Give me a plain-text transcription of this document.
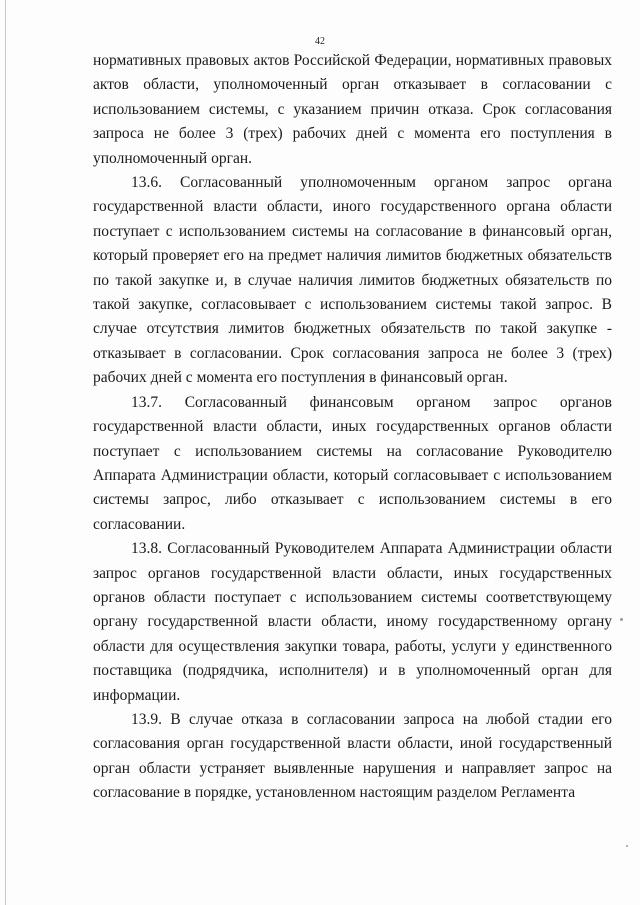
42

нормативных правовых актов Российской Федерации, нормативных правовых актов области, уполномоченный орган отказывает в согласовании с использованием системы, с указанием причин отказа. Срок согласования запроса не более 3 (трех) рабочих дней с момента его поступления в уполномоченный орган.

13.6. Согласованный уполномоченным органом запрос органа государственной власти области, иного государственного органа области поступает с использованием системы на согласование в финансовый орган, который проверяет его на предмет наличия лимитов бюджетных обязательств по такой закупке и, в случае наличия лимитов бюджетных обязательств по такой закупке, согласовывает с использованием системы такой запрос. В случае отсутствия лимитов бюджетных обязательств по такой закупке - отказывает в согласовании. Срок согласования запроса не более 3 (трех) рабочих дней с момента его поступления в финансовый орган.

13.7. Согласованный финансовым органом запрос органов государственной власти области, иных государственных органов области поступает с использованием системы на согласование Руководителю Аппарата Администрации области, который согласовывает с использованием системы запрос, либо отказывает с использованием системы в его согласовании.

13.8. Согласованный Руководителем Аппарата Администрации области запрос органов государственной власти области, иных государственных органов области поступает с использованием системы соответствующему органу государственной власти области, иному государственному органу области для осуществления закупки товара, работы, услуги у единственного поставщика (подрядчика, исполнителя) и в уполномоченный орган для информации.

13.9. В случае отказа в согласовании запроса на любой стадии его согласования орган государственной власти области, иной государственный орган области устраняет выявленные нарушения и направляет запрос на согласование в порядке, установленном настоящим разделом Регламента
